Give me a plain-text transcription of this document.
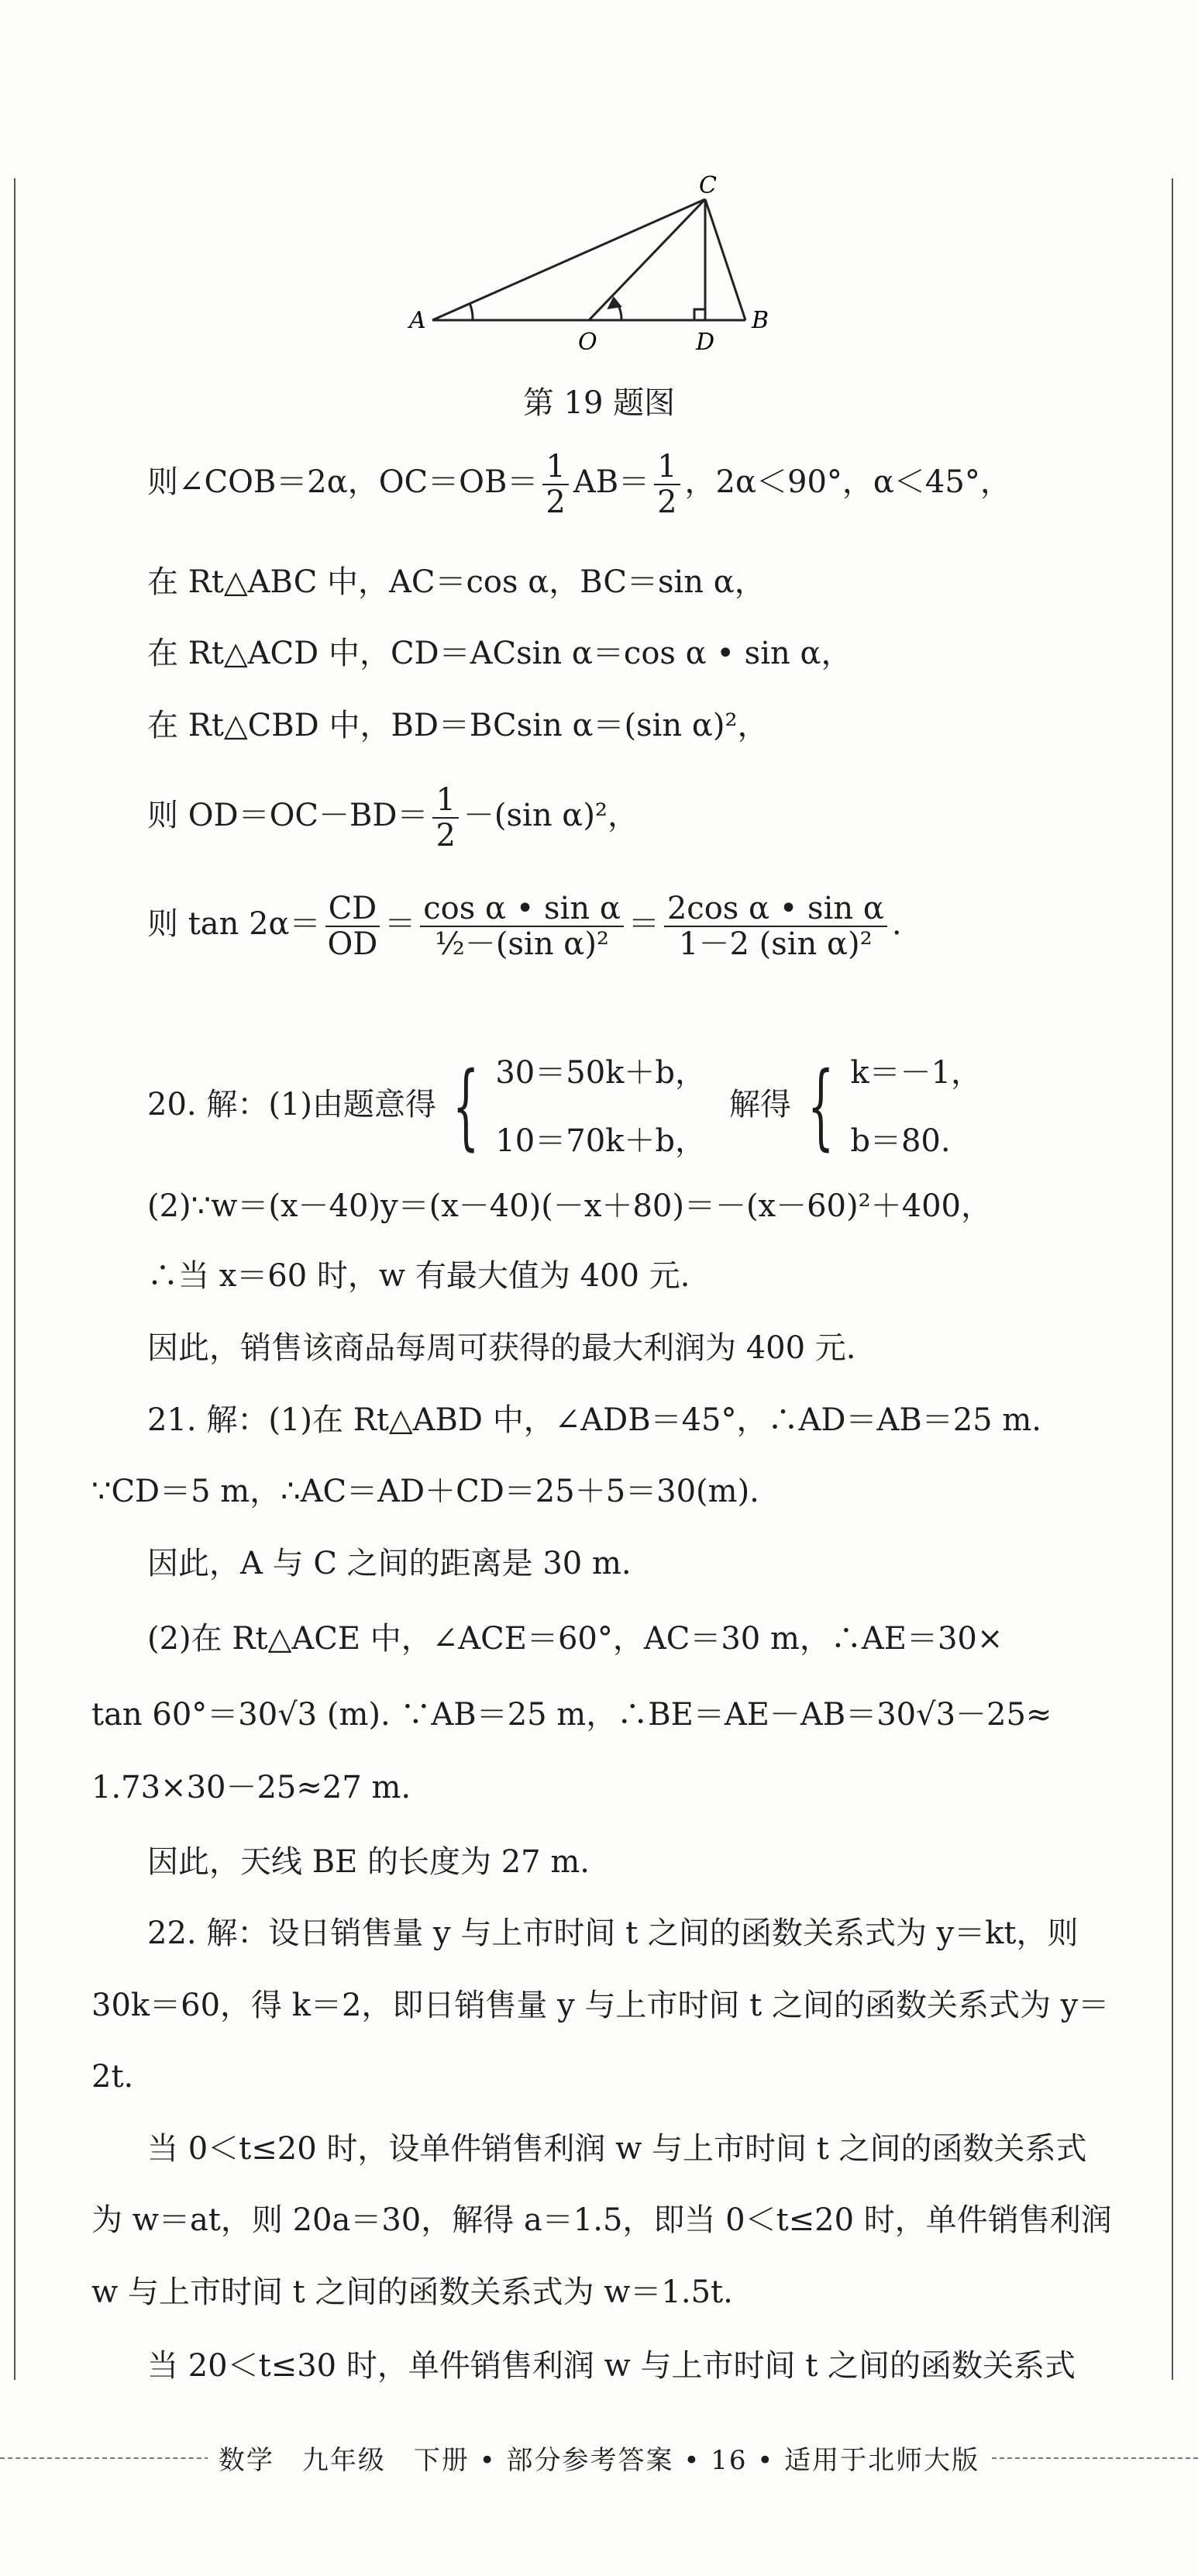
A	B
C
D
O
第 19 题图
则∠COB＝2α，$OC=OB= \frac{1}{2} AB= \frac{1}{2}$ ，2α＜90°，α＜45°，
在 Rt△ABC 中，AC＝cos α，BC＝sin α，
在 Rt△ACD 中，CD＝ACsin α＝cos α • sin α，
在 Rt△CBD 中，BD＝BCsin α＝(sin α)²，
则 $OD=OC-BD= \frac{1}{2} -(\sin$ α)²，
则 $\tan 2\alpha= \frac{CD}{OD} = \frac{\text{cos α • sin α}}{\text{½－(sin α)²}} = \frac{\text{2cos α • sin α}}{\text{1－2 (sin α)²}}$ .
20. 解：(1)由题意得 { 30＝50k＋b，
10＝70k＋b，
解得 { k＝－1，
b＝80.
(2)∵w＝(x－40)y＝(x－40)(－x＋80)＝－(x－60)²＋400，
∴当 x＝60 时，w 有最大值为 400 元.
因此，销售该商品每周可获得的最大利润为 400 元.
21. 解：(1)在 Rt△ABD 中，∠ADB＝45°，∴AD＝AB＝25 m.
∵CD＝5 m，∴AC＝AD＋CD＝25＋5＝30(m).
因此，A 与 C 之间的距离是 30 m.
(2)在 Rt△ACE 中，∠ACE＝60°，AC＝30 m，∴AE＝30×
tan 60°＝30√3 (m). ∵AB＝25 m，∴BE＝AE－AB＝30√3－25≈
1.73×30－25≈27 m.
因此，天线 BE 的长度为 27 m.
22. 解：设日销售量 y 与上市时间 t 之间的函数关系式为 y＝kt，则
30k＝60，得 k＝2，即日销售量 y 与上市时间 t 之间的函数关系式为 y＝
2t.
当 0＜t≤20 时，设单件销售利润 w 与上市时间 t 之间的函数关系式
为 w＝at，则 20a＝30，解得 a＝1.5，即当 0＜t≤20 时，单件销售利润
w 与上市时间 t 之间的函数关系式为 w＝1.5t.
当 20＜t≤30 时，单件销售利润 w 与上市时间 t 之间的函数关系式
数学　九年级　下册 • 部分参考答案 • 16 • 适用于北师大版
